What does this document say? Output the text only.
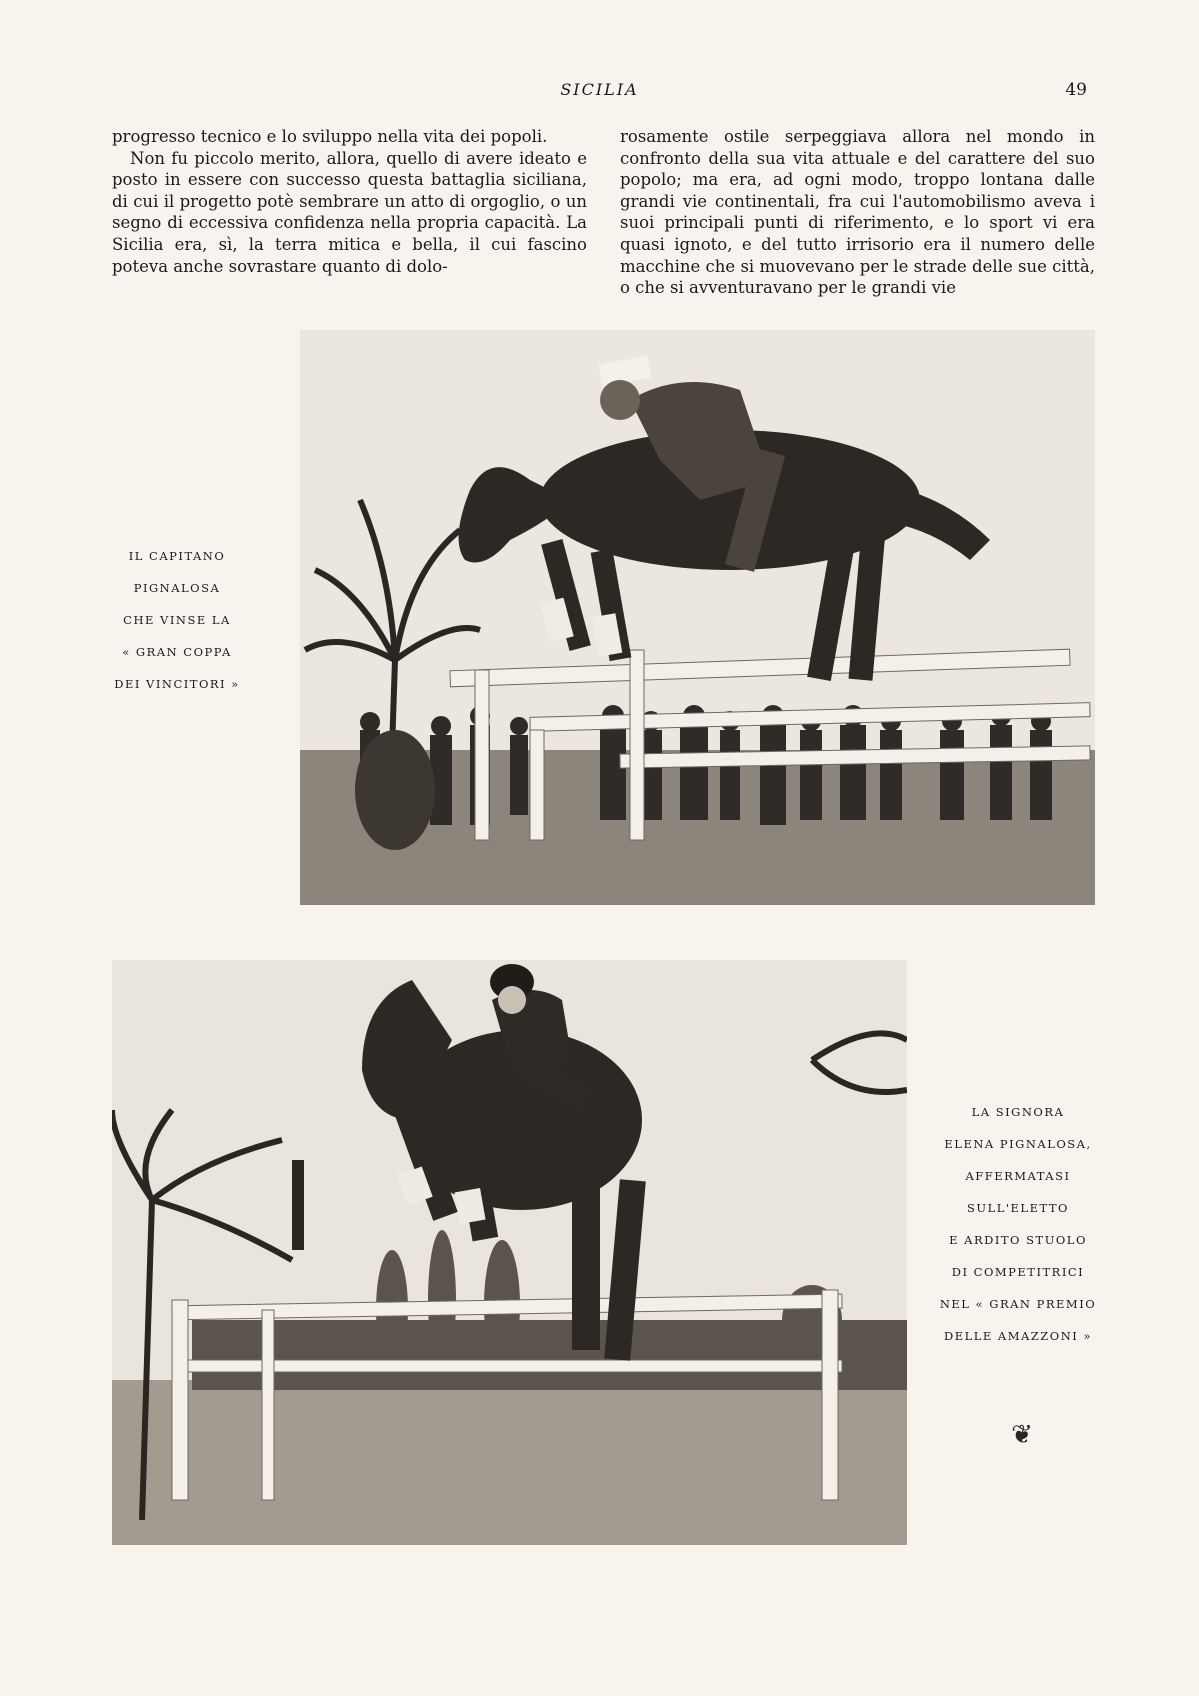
SICILIA	49

progresso tecnico e lo sviluppo nella vita dei popoli.

Non fu piccolo merito, allora, quello di avere ideato e posto in essere con successo questa battaglia siciliana, di cui il progetto potè sembrare un atto di orgoglio, o un segno di eccessiva confidenza nella propria capacità. La Sicilia era, sì, la terra mitica e bella, il cui fascino poteva anche sovrastare quanto di dolo-

rosamente ostile serpeggiava allora nel mondo in confronto della sua vita attuale e del carattere del suo popolo; ma era, ad ogni modo, troppo lontana dalle grandi vie continentali, fra cui l'automobilismo aveva i suoi principali punti di riferimento, e lo sport vi era quasi ignoto, e del tutto irrisorio era il numero delle macchine che si muovevano per le strade delle sue città, o che si avventuravano per le grandi vie

IL CAPITANO
PIGNALOSA
CHE VINSE LA
« GRAN COPPA
DEI VINCITORI »
LA SIGNORA
ELENA PIGNALOSA,
AFFERMATASI
SULL'ELETTO
E ARDITO STUOLO
DI COMPETITRICI
NEL « GRAN PREMIO
DELLE AMAZZONI »
❦
